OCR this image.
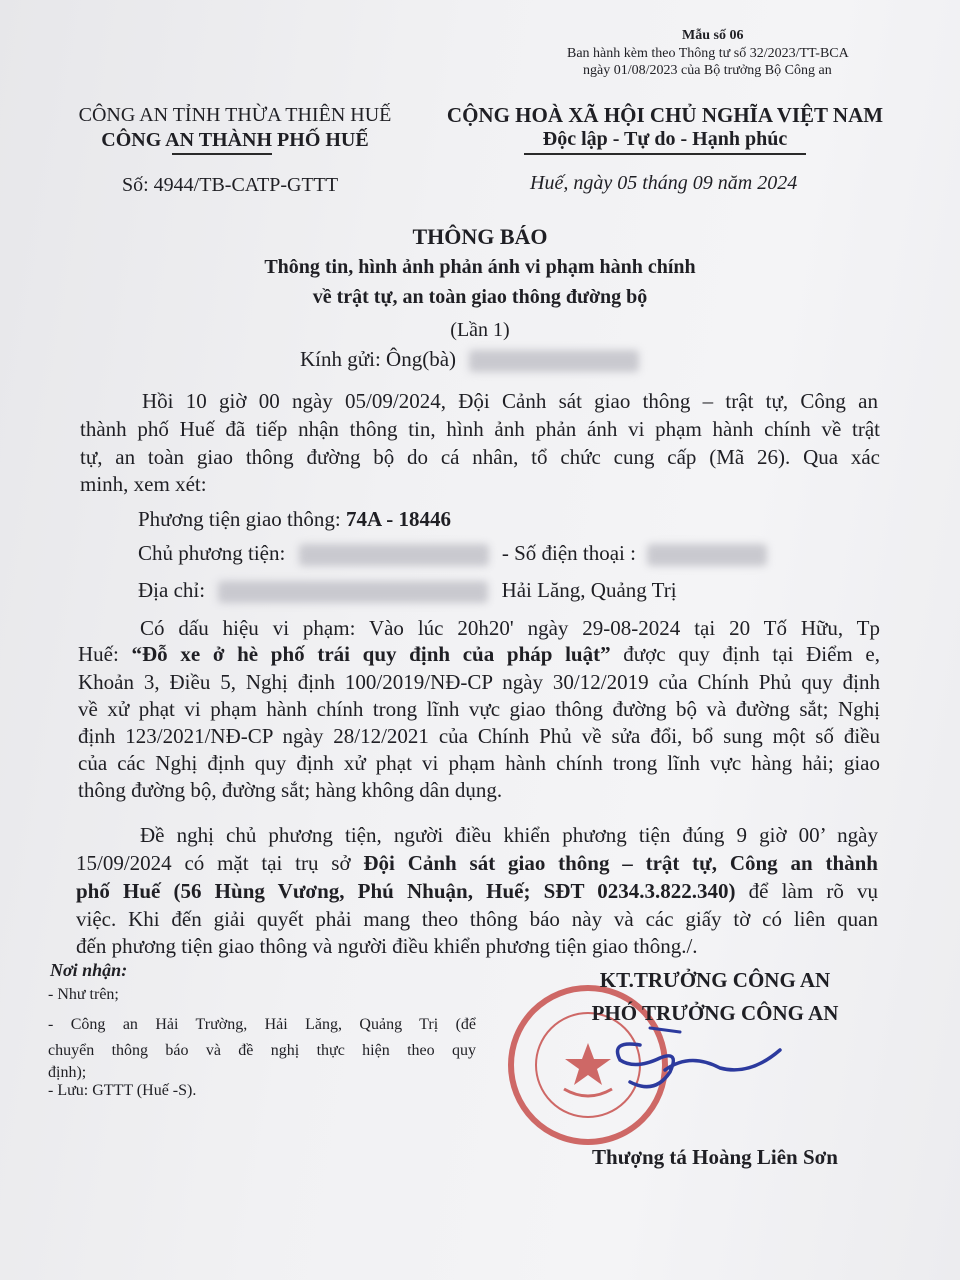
Mẫu số 06
Ban hành kèm theo Thông tư số 32/2023/TT-BCA
ngày 01/08/2023 của Bộ trưởng Bộ Công an
CÔNG AN TỈNH THỪA THIÊN HUẾ
CÔNG AN THÀNH PHỐ HUẾ
CỘNG HOÀ XÃ HỘI CHỦ NGHĨA VIỆT NAM
Độc lập - Tự do - Hạnh phúc
Số: 4944/TB-CATP-GTTT	Huế, ngày 05 tháng 09 năm 2024
THÔNG BÁO
Thông tin, hình ảnh phản ánh vi phạm hành chính
về trật tự, an toàn giao thông đường bộ
(Lần 1)
Kính gửi: Ông(bà)
Hồi 10 giờ 00 ngày 05/09/2024, Đội Cảnh sát giao thông – trật tự, Công an
thành phố Huế đã tiếp nhận thông tin, hình ảnh phản ánh vi phạm hành chính về trật
tự, an toàn giao thông đường bộ do cá nhân, tổ chức cung cấp (Mã 26). Qua xác
minh, xem xét:
Phương tiện giao thông: 74A - 18446
Chủ phương tiện:	- Số điện thoại :
Địa chỉ:	Hải Lăng, Quảng Trị
Có dấu hiệu vi phạm: Vào lúc 20h20' ngày 29-08-2024 tại 20 Tố Hữu, Tp
Huế: “Đỗ xe ở hè phố trái quy định của pháp luật” được quy định tại Điểm e,
Khoản 3, Điều 5, Nghị định 100/2019/NĐ-CP ngày 30/12/2019 của Chính Phủ quy định
về xử phạt vi phạm hành chính trong lĩnh vực giao thông đường bộ và đường sắt; Nghị
định 123/2021/NĐ-CP ngày 28/12/2021 của Chính Phủ về sửa đổi, bổ sung một số điều
của các Nghị định quy định xử phạt vi phạm hành chính trong lĩnh vực hàng hải; giao
thông đường bộ, đường sắt; hàng không dân dụng.
Đề nghị chủ phương tiện, người điều khiển phương tiện đúng 9 giờ 00’ ngày
15/09/2024 có mặt tại trụ sở Đội Cảnh sát giao thông – trật tự, Công an thành
phố Huế (56 Hùng Vương, Phú Nhuận, Huế; SĐT 0234.3.822.340) để làm rõ vụ
việc. Khi đến giải quyết phải mang theo thông báo này và các giấy tờ có liên quan
đến phương tiện giao thông và người điều khiển phương tiện giao thông./.
Nơi nhận:
- Như trên;
- Công an Hải Trường, Hải Lăng, Quảng Trị (để
chuyển thông báo và đề nghị thực hiện theo quy
định);
- Lưu: GTTT (Huế -S).
KT.TRƯỞNG CÔNG AN
PHÓ TRƯỞNG CÔNG AN
Thượng tá Hoàng Liên Sơn
